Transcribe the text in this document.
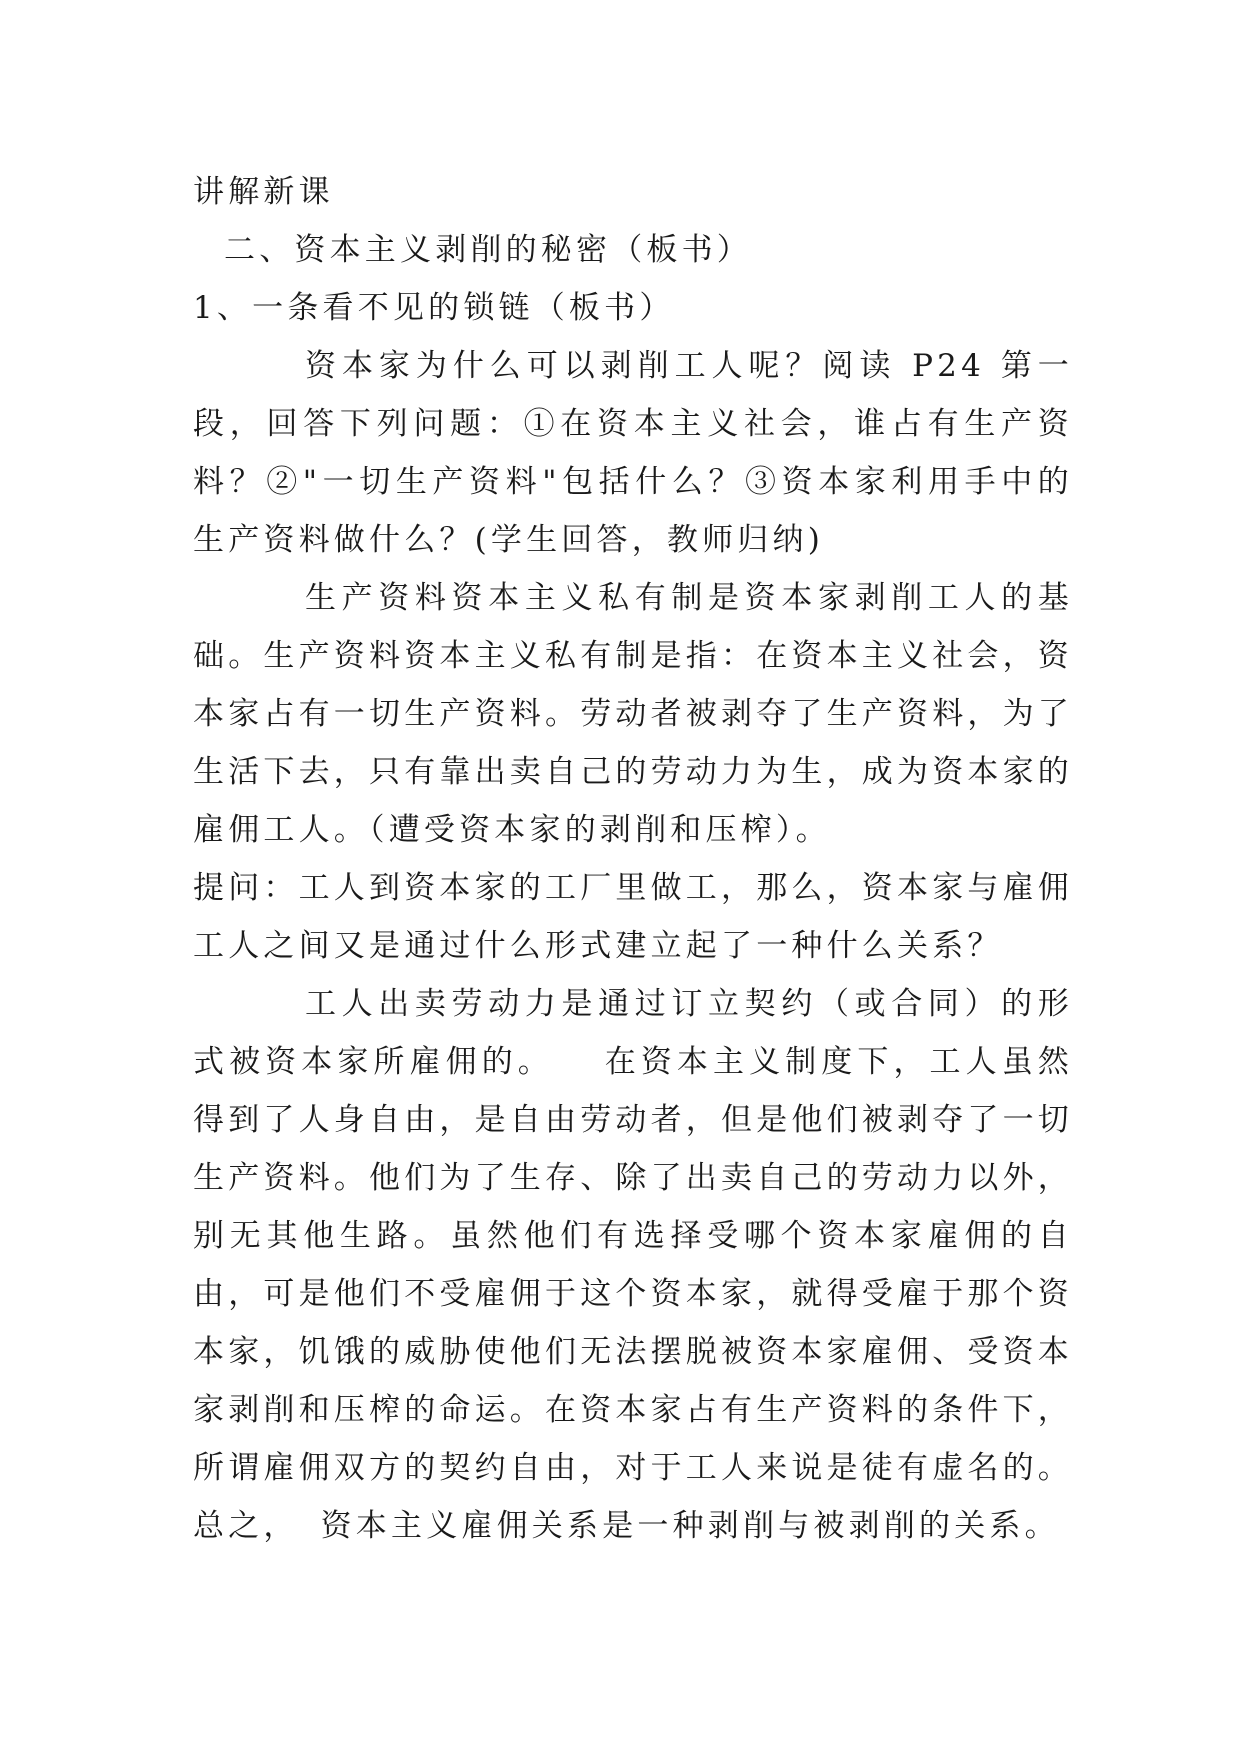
讲解新课

二、资本主义剥削的秘密（板书）

1、一条看不见的锁链（板书）

资本家为什么可以剥削工人呢？阅读 P24 第一段，回答下列问题：①在资本主义社会，谁占有生产资料？②"一切生产资料"包括什么？③资本家利用手中的生产资料做什么？(学生回答，教师归纳)

生产资料资本主义私有制是资本家剥削工人的基础。生产资料资本主义私有制是指：在资本主义社会，资本家占有一切生产资料。劳动者被剥夺了生产资料，为了生活下去，只有靠出卖自己的劳动力为生，成为资本家的雇佣工人。（遭受资本家的剥削和压榨）。

提问：工人到资本家的工厂里做工，那么，资本家与雇佣工人之间又是通过什么形式建立起了一种什么关系？

工人出卖劳动力是通过订立契约（或合同）的形式被资本家所雇佣的。 在资本主义制度下，工人虽然得到了人身自由，是自由劳动者，但是他们被剥夺了一切生产资料。他们为了生存、除了出卖自己的劳动力以外，别无其他生路。虽然他们有选择受哪个资本家雇佣的自由，可是他们不受雇佣于这个资本家，就得受雇于那个资本家，饥饿的威胁使他们无法摆脱被资本家雇佣、受资本家剥削和压榨的命运。在资本家占有生产资料的条件下，所谓雇佣双方的契约自由，对于工人来说是徒有虚名的。总之， 资本主义雇佣关系是一种剥削与被剥削的关系。
